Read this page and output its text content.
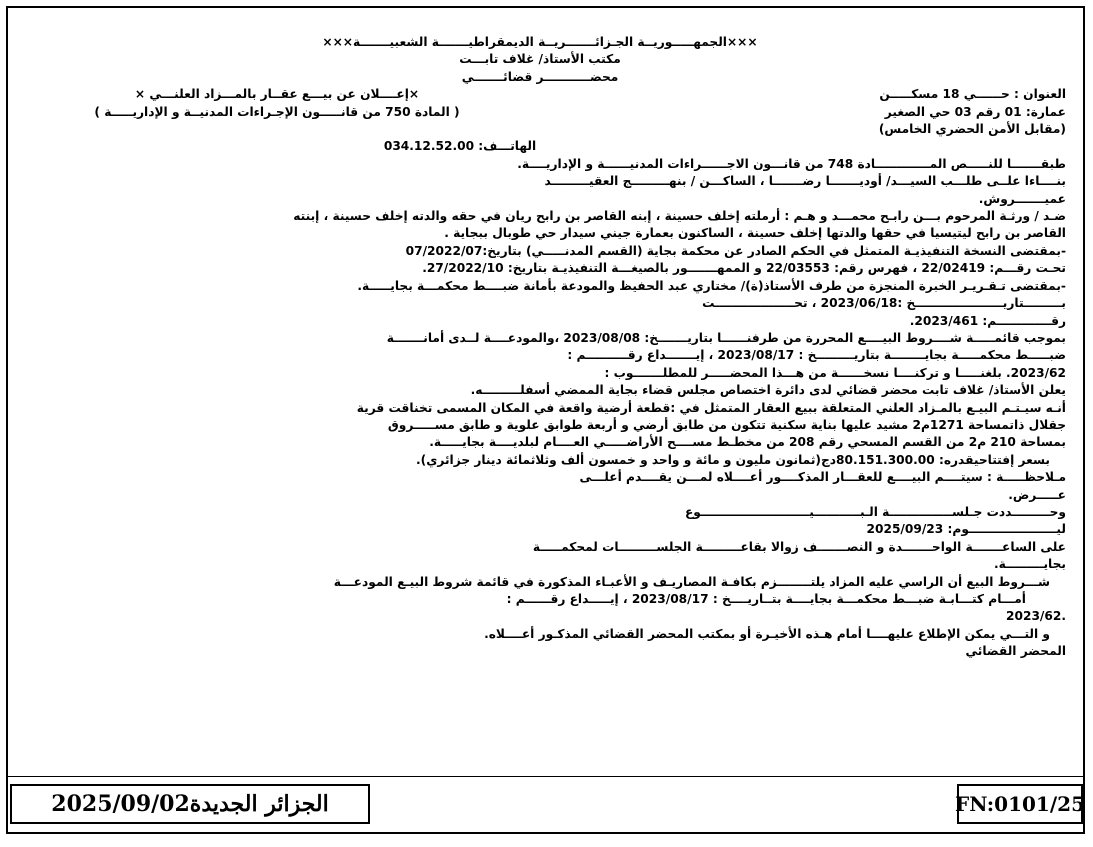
×××الجمهـــــوريــة الجـزائـــــــريــة الديمقراطيـــــــة الشعبيـــــــة×××
مكتب الأستاذ/ غلاف تابـــت
محضـــــــــــر قضائـــــــي
العنوان : حــــــي 18 مسكـــــن
×إعــــلان عن بيـــع عقــار بالمـــزاد العلنـــي ×
عمارة: 01 رقم 03 حي الصغير
( المادة 750 من قانـــــون الإجـراءات المدنيــة و الإداريـــــة )
(مقابل الأمن الحضري الخامس)
الهاتـــف: 034.12.52.00
طبقـــــــا للنـــــص المـــــــــــــادة 748 من قانـــون الاجــــــراءات المدنيــــــة و الإداريــــة.
بنــــاءا علــى طلـــب السيـــد/ أوديـــــــا رضـــــــا ، الساكـــن / بنهـــــــــج العقيـــــــــد
عميـــــــروش.
ضـد / ورثـة المرحوم بـــن رابـح محمـــد و هـم : أرملته إخلف حسينة ، إبنه القاصر بن رابح ريان في حقه والدته إخلف حسينة ، إبنته
القاصر بن رابح ليتيسيا في حقها والدتها إخلف حسينة ، الساكنون بعمارة جيني سيدار حي طوبال ببجاية .
-بمقتضى النسخة التنفيذيـة المتمثل في الحكم الصادر عن محكمة بجاية (القسم المدنـــــي) بتاريخ:07/2022/07
تحـت رقـــم: 22/02419 ، فهرس رقم: 22/03553 و الممهـــــــور بالصيغـــة التنفيذيـة بتاريخ: 27/2022/10.
-بمقتضى تـقـريـر الخبرة المنجزة من طرف الأستاذ(ة)/ مختاري عبد الحفيظ والمودعة بأمانة ضبــــط محكمـــة بجايـــــة.
بـــــــــتاريـــــــــــــــــــــخ :2023/06/18 ، تحـــــــــــــــــــت
رقـــــــــــــم: 2023/461.
بموجب قائمـــــة شــــروط البيــــع المحررة من طرفنــــــا بتاريـــــــخ: 2023/08/08 ،والمودعــــة لــدى أمانـــــــة
ضبـــــط محكمـــــة بجايــــــــة بتاريـــــــــخ : 2023/08/17 ، إيـــــــداع رقــــــــــم :
2023/62. بلغنـــــا و تركنــــا نسخــــــة من هـــذا المحضـــــر للمطلـــــــوب :
يعلن الأستاذ/ غلاف تابت محضر قضائي لدى دائرة اختصاص مجلس قضاء بجاية الممضي أسفلـــــــــه.
أنـه سيـتـم البيـع بالمـزاد العلني المتعلقة ببيع العقار المتمثل في :قطعة أرضية واقعة في المكان المسمى تخناقت قرية
جقلال ذاتمساحة 1271م2 مشيد عليها بناية سكنية تتكون من طابق أرضي و أربعة طوابق علوية و طابق مســـــروق
بمساحة 210 م2 من القسم المسحي رقم 208 من مخطـط مســــح الأراضـــــي العــــام لبلديــــة بجايـــــة.
بسعر إفتتاحيقدره: 80.151.300.00دج(ثمانون مليون و مائة و واحد و خمسون ألف وثلاثمائة دينار جزائري).
مـلاحظـــــة : سيتــــم البيــــع للعقـــار المذكــــور أعــــلاه لمـــن يقــــدم أعلـــى
عـــــرض.
وحـــــــــددت جـلســـــــــــــــة الـبـــــــــــيــــــــــــــــــــــــــوع
ليـــــــــــــــــــــوم: 2025/09/23
على الساعـــــــة الواحـــــــدة و النصـــــــف زوالا بقاعـــــــــة الجلســـــــــات لمحكمـــــة
بجايـــــــــة.
شـــروط البيع أن الراسي عليه المزاد يلتــــــــزم بكافـة المصاريـف و الأعبـاء المذكورة في قائمة شروط البيـع المودعـــة
أمـــام كتـــابـة ضبـــط محكمـــة بجايــــة بتــاريــــخ : 2023/08/17 ، إيـــــداع رقــــــم :
.2023/62
و التـــي يمكن الإطلاع عليهــــا أمام هـذه الأخيـرة أو بمكتب المحضر القضائي المذكـور أعــــلاه.
المحضر القضائي
الجزائر الجديدة2025/09/02	FN:0101/25
